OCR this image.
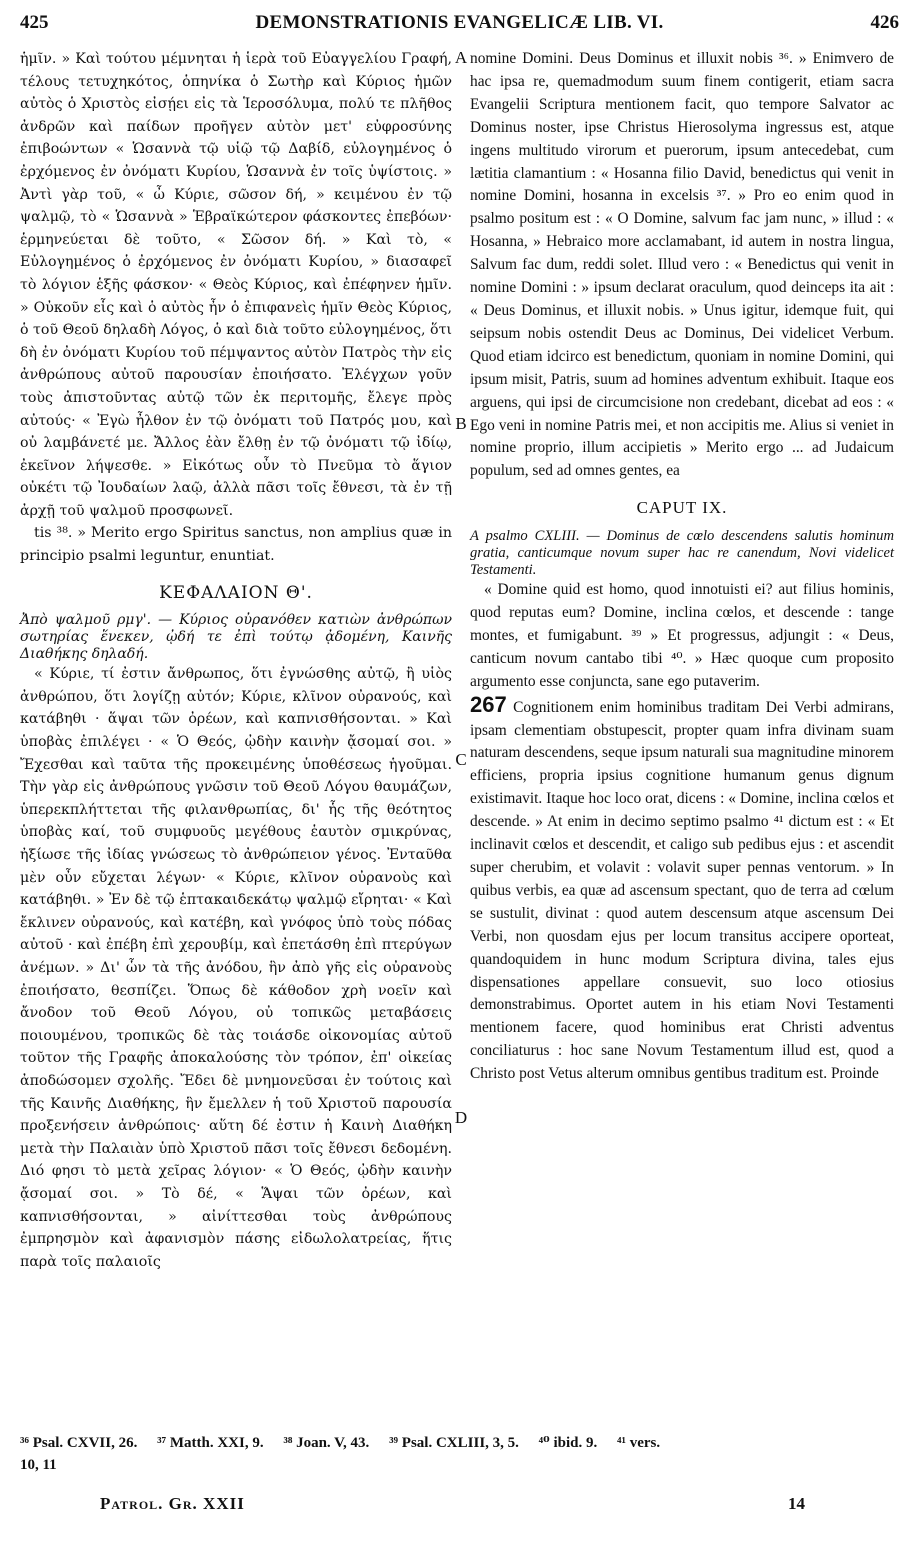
425	DEMONSTRATIONIS EVANGELICÆ LIB. VI.	426

ἡμῖν. » Καὶ τούτου μέμνηται ἡ ἱερὰ τοῦ Εὐαγγελίου Γραφή, τέλους τετυχηκότος, ὁπηνίκα ὁ Σωτὴρ καὶ Κύριος ἡμῶν αὐτὸς ὁ Χριστὸς εἰσῄει εἰς τὰ Ἱεροσόλυμα, πολύ τε πλῆθος ἀνδρῶν καὶ παίδων προῆγεν αὐτὸν μετ' εὐφροσύνης ἐπιβοώντων « Ὡσαννὰ τῷ υἱῷ τῷ Δαβίδ, εὐλογημένος ὁ ἐρχόμενος ἐν ὀνόματι Κυρίου, Ὡσαννὰ ἐν τοῖς ὑψίστοις. » Ἀντὶ γὰρ τοῦ, « ὦ Κύριε, σῶσον δή, » κειμένου ἐν τῷ ψαλμῷ, τὸ « Ὡσαννὰ » Ἑβραϊκώτερον φάσκοντες ἐπεβόων· ἑρμηνεύεται δὲ τοῦτο, « Σῶσον δή. » Καὶ τὸ, « Εὐλογημένος ὁ ἐρχόμενος ἐν ὀνόματι Κυρίου, » διασαφεῖ τὸ λόγιον ἑξῆς φάσκον· « Θεὸς Κύριος, καὶ ἐπέφηνεν ἡμῖν. » Οὐκοῦν εἷς καὶ ὁ αὐτὸς ἦν ὁ ἐπιφανεὶς ἡμῖν Θεὸς Κύριος, ὁ τοῦ Θεοῦ δηλαδὴ Λόγος, ὁ καὶ διὰ τοῦτο εὐλογημένος, ὅτι δὴ ἐν ὀνόματι Κυρίου τοῦ πέμψαντος αὐτὸν Πατρὸς τὴν εἰς ἀνθρώπους αὐτοῦ παρουσίαν ἐποιήσατο. Ἐλέγχων γοῦν τοὺς ἀπιστοῦντας αὐτῷ τῶν ἐκ περιτομῆς, ἔλεγε πρὸς αὐτούς· « Ἐγὼ ἦλθον ἐν τῷ ὀνόματι τοῦ Πατρός μου, καὶ οὐ λαμβάνετέ με. Ἄλλος ἐὰν ἔλθῃ ἐν τῷ ὀνόματι τῷ ἰδίῳ, ἐκεῖνον λήψεσθε. » Εἰκότως οὖν τὸ Πνεῦμα τὸ ἅγιον οὐκέτι τῷ Ἰουδαίων λαῷ, ἀλλὰ πᾶσι τοῖς ἔθνεσι, τὰ ἐν τῇ ἀρχῇ τοῦ ψαλμοῦ προσφωνεῖ.

tis ³⁸. » Merito ergo Spiritus sanctus, non amplius quæ in principio psalmi leguntur, enuntiat.

ΚΕΦΑΛΑΙΟΝ Θ'.

Ἀπὸ ψαλμοῦ ρμγ'. — Κύριος οὐρανόθεν κατιὼν ἀνθρώπων σωτηρίας ἕνεκεν, ᾠδή τε ἐπὶ τούτῳ ᾀδομένη, Καινῆς Διαθήκης δηλαδή.

« Κύριε, τί ἐστιν ἄνθρωπος, ὅτι ἐγνώσθης αὐτῷ, ἢ υἱὸς ἀνθρώπου, ὅτι λογίζῃ αὐτόν; Κύριε, κλῖνον οὐρανούς, καὶ κατάβηθι · ἅψαι τῶν ὀρέων, καὶ καπνισθήσονται. » Καὶ ὑποβὰς ἐπιλέγει · « Ὁ Θεός, ᾠδὴν καινὴν ᾄσομαί σοι. » Ἔχεσθαι καὶ ταῦτα τῆς προκειμένης ὑποθέσεως ἡγοῦμαι. Τὴν γὰρ εἰς ἀνθρώπους γνῶσιν τοῦ Θεοῦ Λόγου θαυμάζων, ὑπερεκπλήττεται τῆς φιλανθρωπίας, δι' ἧς τῆς θεότητος ὑποβὰς καί, τοῦ συμφυοῦς μεγέθους ἑαυτὸν σμικρύνας, ἠξίωσε τῆς ἰδίας γνώσεως τὸ ἀνθρώπειον γένος. Ἐνταῦθα μὲν οὖν εὔχεται λέγων· « Κύριε, κλῖνον οὐρανοὺς καὶ κατάβηθι. » Ἐν δὲ τῷ ἑπτακαιδεκάτῳ ψαλμῷ εἴρηται· « Καὶ ἔκλινεν οὐρανούς, καὶ κατέβη, καὶ γνόφος ὑπὸ τοὺς πόδας αὐτοῦ · καὶ ἐπέβη ἐπὶ χερουβίμ, καὶ ἐπετάσθη ἐπὶ πτερύγων ἀνέμων. » Δι' ὧν τὰ τῆς ἀνόδου, ἣν ἀπὸ γῆς εἰς οὐρανοὺς ἐποιήσατο, θεσπίζει. Ὅπως δὲ κάθοδον χρὴ νοεῖν καὶ ἄνοδον τοῦ Θεοῦ Λόγου, οὐ τοπικῶς μεταβάσεις ποιουμένου, τροπικῶς δὲ τὰς τοιάσδε οἰκονομίας αὐτοῦ τοῦτον τῆς Γραφῆς ἀποκαλούσης τὸν τρόπον, ἐπ' οἰκείας ἀποδώσομεν σχολῆς. Ἔδει δὲ μνημονεῦσαι ἐν τούτοις καὶ τῆς Καινῆς Διαθήκης, ἣν ἔμελλεν ἡ τοῦ Χριστοῦ παρουσία προξενήσειν ἀνθρώποις· αὕτη δέ ἐστιν ἡ Καινὴ Διαθήκη μετὰ τὴν Παλαιὰν ὑπὸ Χριστοῦ πᾶσι τοῖς ἔθνεσι δεδομένη. Διό φησι τὸ μετὰ χεῖρας λόγιον· « Ὁ Θεός, ᾠδὴν καινὴν ᾄσομαί σοι. » Τὸ δέ, « Ἅψαι τῶν ὀρέων, καὶ καπνισθήσονται, » αἰνίττεσθαι τοὺς ἀνθρώπους ἐμπρησμὸν καὶ ἀφανισμὸν πάσης εἰδωλολατρείας, ἥτις παρὰ τοῖς παλαιοῖς

A
B
C
D

nomine Domini. Deus Dominus et illuxit nobis ³⁶. » Enimvero de hac ipsa re, quemadmodum suum finem contigerit, etiam sacra Evangelii Scriptura mentionem facit, quo tempore Salvator ac Dominus noster, ipse Christus Hierosolyma ingressus est, atque ingens multitudo virorum et puerorum, ipsum antecedebat, cum lætitia clamantium : « Hosanna filio David, benedictus qui venit in nomine Domini, hosanna in excelsis ³⁷. » Pro eo enim quod in psalmo positum est : « O Domine, salvum fac jam nunc, » illud : « Hosanna, » Hebraico more acclamabant, id autem in nostra lingua, Salvum fac dum, reddi solet. Illud vero : « Benedictus qui venit in nomine Domini : » ipsum declarat oraculum, quod deinceps ita ait : « Deus Dominus, et illuxit nobis. » Unus igitur, idemque fuit, qui seipsum nobis ostendit Deus ac Dominus, Dei videlicet Verbum. Quod etiam idcirco est benedictum, quoniam in nomine Domini, qui ipsum misit, Patris, suum ad homines adventum exhibuit. Itaque eos arguens, qui ipsi de circumcisione non credebant, dicebat ad eos : « Ego veni in nomine Patris mei, et non accipitis me. Alius si veniet in nomine proprio, illum accipietis » Merito ergo ... ad Judaicum populum, sed ad omnes gentes, ea

CAPUT IX.

A psalmo CXLIII. — Dominus de cœlo descendens salutis hominum gratia, canticumque novum super hac re canendum, Novi videlicet Testamenti.

« Domine quid est homo, quod innotuisti ei? aut filius hominis, quod reputas eum? Domine, inclina cœlos, et descende : tange montes, et fumigabunt. ³⁹ » Et progressus, adjungit : « Deus, canticum novum cantabo tibi ⁴⁰. » Hæc quoque cum proposito argumento esse conjuncta, sane ego putaverim.

267 Cognitionem enim hominibus traditam Dei Verbi admirans, ipsam clementiam obstupescit, propter quam infra divinam suam naturam descendens, seque ipsum naturali sua magnitudine minorem efficiens, propria ipsius cognitione humanum genus dignum existimavit. Itaque hoc loco orat, dicens : « Domine, inclina cœlos et descende. » At enim in decimo septimo psalmo ⁴¹ dictum est : « Et inclinavit cœlos et descendit, et caligo sub pedibus ejus : et ascendit super cherubim, et volavit : volavit super pennas ventorum. » In quibus verbis, ea quæ ad ascensum spectant, quo de terra ad cœlum se sustulit, divinat : quod autem descensum atque ascensum Dei Verbi, non quosdam ejus per locum transitus accipere oporteat, quandoquidem in hunc modum Scriptura divina, tales ejus dispensationes appellare consuevit, suo loco otiosius demonstrabimus. Oportet autem in his etiam Novi Testamenti mentionem facere, quod hominibus erat Christi adventus conciliaturus : hoc sane Novum Testamentum illud est, quod a Christo post Vetus alterum omnibus gentibus traditum est. Proinde

³⁶ Psal. CXVII, 26. ³⁷ Matth. XXI, 9. ³⁸ Joan. V, 43. ³⁹ Psal. CXLIII, 3, 5. ⁴⁰ ibid. 9. ⁴¹ vers.
10, 11
Patrol. Gr. XXII	14
